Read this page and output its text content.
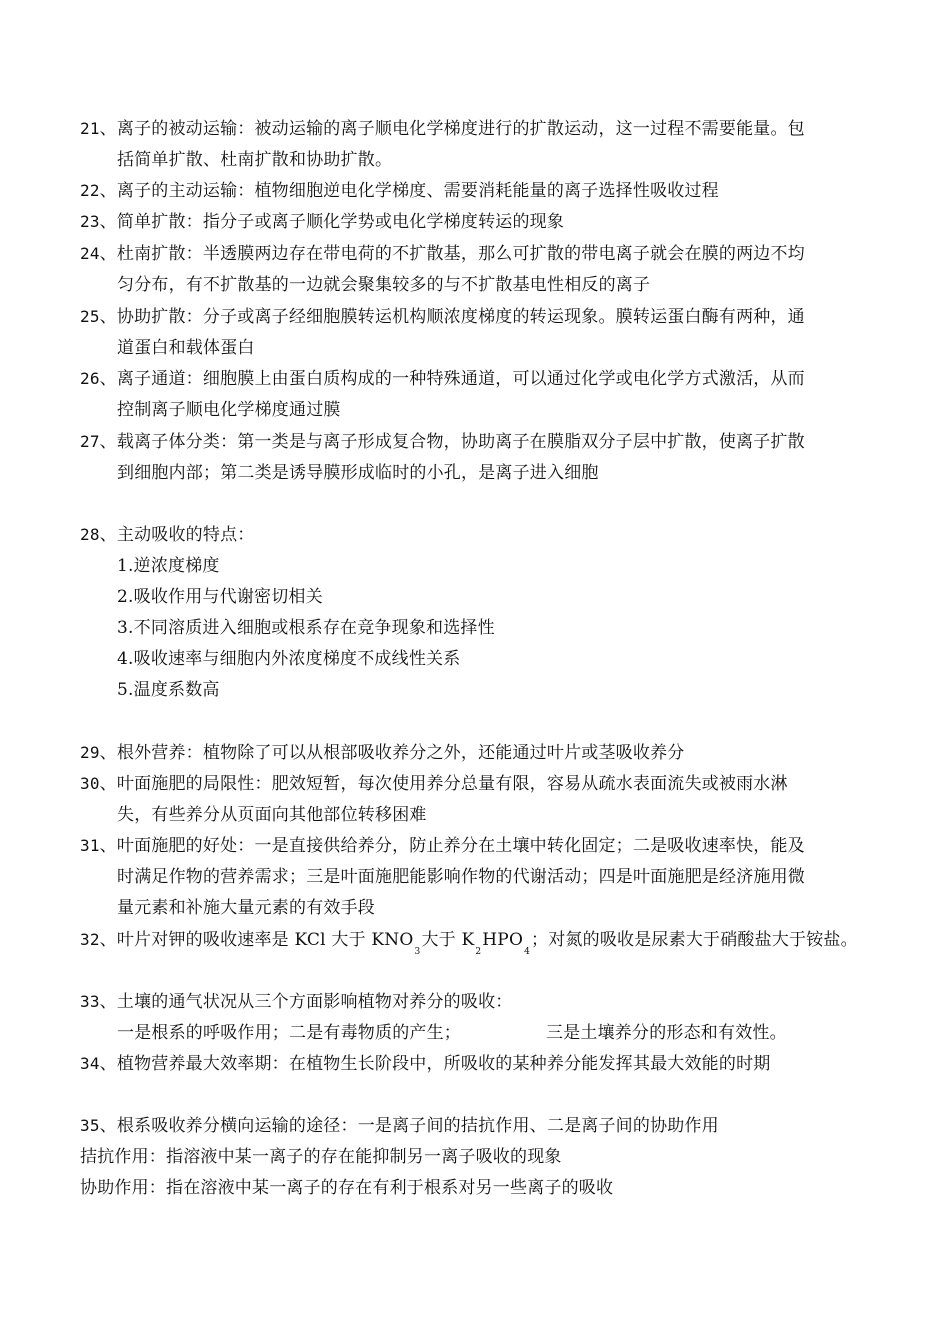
21、离子的被动运输：被动运输的离子顺电化学梯度进行的扩散运动，这一过程不需要能量。包
括简单扩散、杜南扩散和协助扩散。
22、离子的主动运输：植物细胞逆电化学梯度、需要消耗能量的离子选择性吸收过程
23、简单扩散：指分子或离子顺化学势或电化学梯度转运的现象
24、杜南扩散：半透膜两边存在带电荷的不扩散基，那么可扩散的带电离子就会在膜的两边不均
匀分布，有不扩散基的一边就会聚集较多的与不扩散基电性相反的离子
25、协助扩散：分子或离子经细胞膜转运机构顺浓度梯度的转运现象。膜转运蛋白酶有两种，通
道蛋白和载体蛋白
26、离子通道：细胞膜上由蛋白质构成的一种特殊通道，可以通过化学或电化学方式激活，从而
控制离子顺电化学梯度通过膜
27、载离子体分类：第一类是与离子形成复合物，协助离子在膜脂双分子层中扩散，使离子扩散
到细胞内部；第二类是诱导膜形成临时的小孔，是离子进入细胞
28、主动吸收的特点：
1.逆浓度梯度
2.吸收作用与代谢密切相关
3.不同溶质进入细胞或根系存在竞争现象和选择性
4.吸收速率与细胞内外浓度梯度不成线性关系
5.温度系数高
29、根外营养：植物除了可以从根部吸收养分之外，还能通过叶片或茎吸收养分
30、叶面施肥的局限性：肥效短暂，每次使用养分总量有限，容易从疏水表面流失或被雨水淋
失，有些养分从页面向其他部位转移困难
31、叶面施肥的好处：一是直接供给养分，防止养分在土壤中转化固定；二是吸收速率快，能及
时满足作物的营养需求；三是叶面施肥能影响作物的代谢活动；四是叶面施肥是经济施用微
量元素和补施大量元素的有效手段
32、叶片对钾的吸收速率是 KCl 大于 $KNO_3$大于 $K_2HPO_4$；对氮的吸收是尿素大于硝酸盐大于铵盐。
33、土壤的通气状况从三个方面影响植物对养分的吸收：
一是根系的呼吸作用；二是有毒物质的产生；	三是土壤养分的形态和有效性。
34、植物营养最大效率期：在植物生长阶段中，所吸收的某种养分能发挥其最大效能的时期
35、根系吸收养分横向运输的途径：一是离子间的拮抗作用、二是离子间的协助作用
拮抗作用：指溶液中某一离子的存在能抑制另一离子吸收的现象
协助作用：指在溶液中某一离子的存在有利于根系对另一些离子的吸收
